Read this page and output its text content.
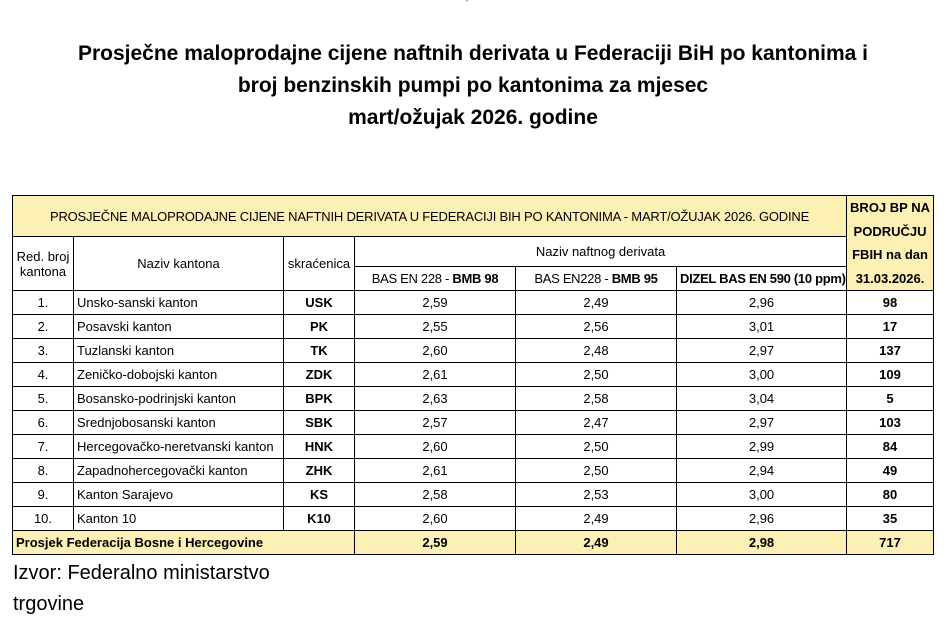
Prosječne maloprodajne cijene naftnih derivata u Federaciji BiH po kantonima i
broj benzinskih pumpi po kantonima za mjesec
mart/ožujak 2026. godine
PROSJEČNE MALOPRODAJNE CIJENE NAFTNIH DERIVATA U FEDERACIJI BIH PO KANTONIMA - MART/OŽUJAK 2026. GODINE						BROJ BP NA PODRUČJU FBIH na dan 31.03.2026.
Red. broj kantona	Naziv kantona	skraćenica	Naziv naftnog derivata			
			BAS EN 228 - BMB 98	BAS EN228 - BMB 95	DIZEL BAS EN 590 (10 ppm)	
1.	Unsko-sanski kanton	USK	2,59	2,49	2,96	98
2.	Posavski kanton	PK	2,55	2,56	3,01	17
3.	Tuzlanski kanton	TK	2,60	2,48	2,97	137
4.	Zeničko-dobojski kanton	ZDK	2,61	2,50	3,00	109
5.	Bosansko-podrinjski kanton	BPK	2,63	2,58	3,04	5
6.	Srednjobosanski kanton	SBK	2,57	2,47	2,97	103
7.	Hercegovačko-neretvanski kanton	HNK	2,60	2,50	2,99	84
8.	Zapadnohercegovački kanton	ZHK	2,61	2,50	2,94	49
9.	Kanton Sarajevo	KS	2,58	2,53	3,00	80
10.	Kanton 10	K10	2,60	2,49	2,96	35
Prosjek Federacija Bosne i Hercegovine			2,59	2,49	2,98	717
Izvor: Federalno ministarstvo
trgovine
